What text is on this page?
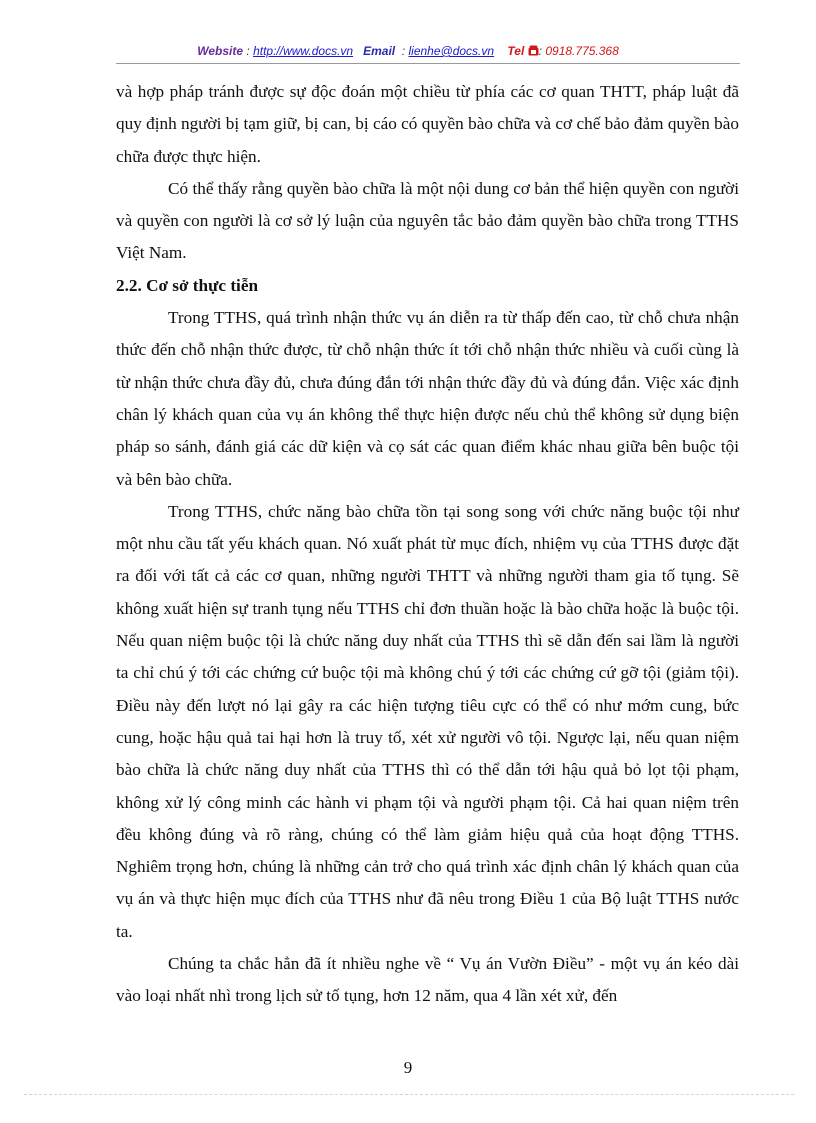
Website : http://www.docs.vn Email : lienhe@docs.vn Tel : 0918.775.368

và hợp pháp tránh được sự độc đoán một chiều từ phía các cơ quan THTT, pháp luật đã quy định người bị tạm giữ, bị can, bị cáo có quyền bào chữa và cơ chế bảo đảm quyền bào chữa được thực hiện.

Có thể thấy rằng quyền bào chữa là một nội dung cơ bản thể hiện quyền con người và quyền con người là cơ sở lý luận của nguyên tắc bảo đảm quyền bào chữa trong TTHS Việt Nam.

2.2. Cơ sở thực tiễn

Trong TTHS, quá trình nhận thức vụ án diễn ra từ thấp đến cao, từ chỗ chưa nhận thức đến chỗ nhận thức được, từ chỗ nhận thức ít tới chỗ nhận thức nhiều và cuối cùng là từ nhận thức chưa đầy đủ, chưa đúng đắn tới nhận thức đầy đủ và đúng đắn. Việc xác định chân lý khách quan của vụ án không thể thực hiện được nếu chủ thể không sử dụng biện pháp so sánh, đánh giá các dữ kiện và cọ sát các quan điểm khác nhau giữa bên buộc tội và bên bào chữa.

Trong TTHS, chức năng bào chữa tồn tại song song với chức năng buộc tội như một nhu cầu tất yếu khách quan. Nó xuất phát từ mục đích, nhiệm vụ của TTHS được đặt ra đối với tất cả các cơ quan, những người THTT và những người tham gia tố tụng. Sẽ không xuất hiện sự tranh tụng nếu TTHS chỉ đơn thuần hoặc là bào chữa hoặc là buộc tội. Nếu quan niệm buộc tội là chức năng duy nhất của TTHS thì sẽ dẫn đến sai lầm là người ta chỉ chú ý tới các chứng cứ buộc tội mà không chú ý tới các chứng cứ gỡ tội (giảm tội). Điều này đến lượt nó lại gây ra các hiện tượng tiêu cực có thể có như mớm cung, bức cung, hoặc hậu quả tai hại hơn là truy tố, xét xử người vô tội. Ngược lại, nếu quan niệm bào chữa là chức năng duy nhất của TTHS thì có thể dẫn tới hậu quả bỏ lọt tội phạm, không xử lý công minh các hành vi phạm tội và người phạm tội. Cả hai quan niệm trên đều không đúng và rõ ràng, chúng có thể làm giảm hiệu quả của hoạt động TTHS. Nghiêm trọng hơn, chúng là những cản trở cho quá trình xác định chân lý khách quan của vụ án và thực hiện mục đích của TTHS như đã nêu trong Điều 1 của Bộ luật TTHS nước ta.

Chúng ta chắc hẳn đã ít nhiều nghe về “ Vụ án Vườn Điều” - một vụ án kéo dài vào loại nhất nhì trong lịch sử tố tụng, hơn 12 năm, qua 4 lần xét xử, đến

9
